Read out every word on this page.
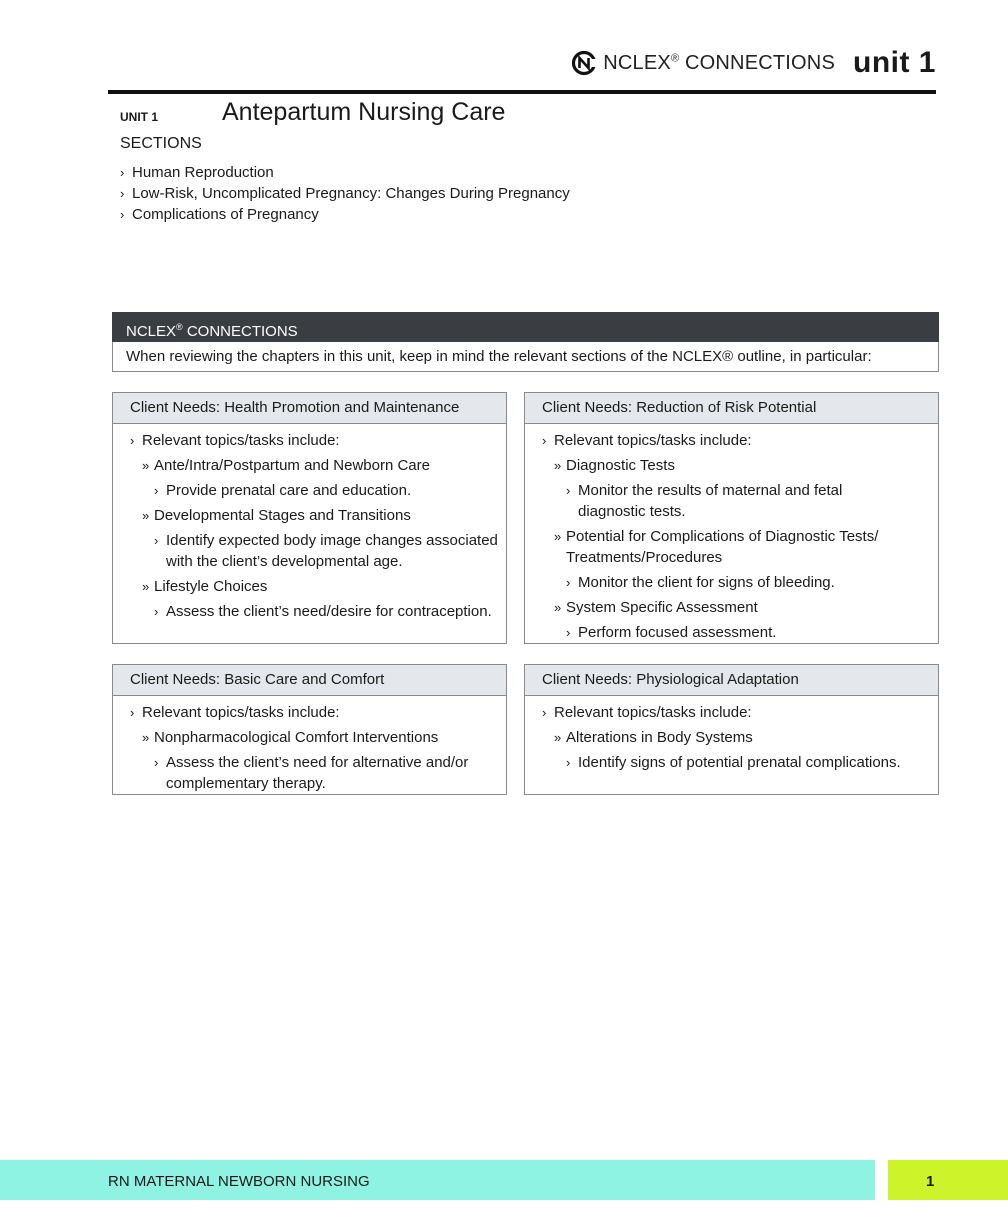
NCLEX® CONNECTIONS unit 1
UNIT 1	Antepartum Nursing Care
SECTIONS
› Human Reproduction
› Low-Risk, Uncomplicated Pregnancy: Changes During Pregnancy
› Complications of Pregnancy
NCLEX® CONNECTIONS
When reviewing the chapters in this unit, keep in mind the relevant sections of the NCLEX® outline, in particular:
Client Needs: Health Promotion and Maintenance
› Relevant topics/tasks include:
» Ante/Intra/Postpartum and Newborn Care
› Provide prenatal care and education.
» Developmental Stages and Transitions
› Identify expected body image changes associated with the client’s developmental age.
» Lifestyle Choices
› Assess the client’s need/desire for contraception.
Client Needs: Reduction of Risk Potential
› Relevant topics/tasks include:
» Diagnostic Tests
› Monitor the results of maternal and fetal diagnostic tests.
» Potential for Complications of Diagnostic Tests/ Treatments/Procedures
› Monitor the client for signs of bleeding.
» System Specific Assessment
› Perform focused assessment.
Client Needs: Basic Care and Comfort
› Relevant topics/tasks include:
» Nonpharmacological Comfort Interventions
› Assess the client’s need for alternative and/or complementary therapy.
Client Needs: Physiological Adaptation
› Relevant topics/tasks include:
» Alterations in Body Systems
› Identify signs of potential prenatal complications.
RN MATERNAL NEWBORN NURSING	1
